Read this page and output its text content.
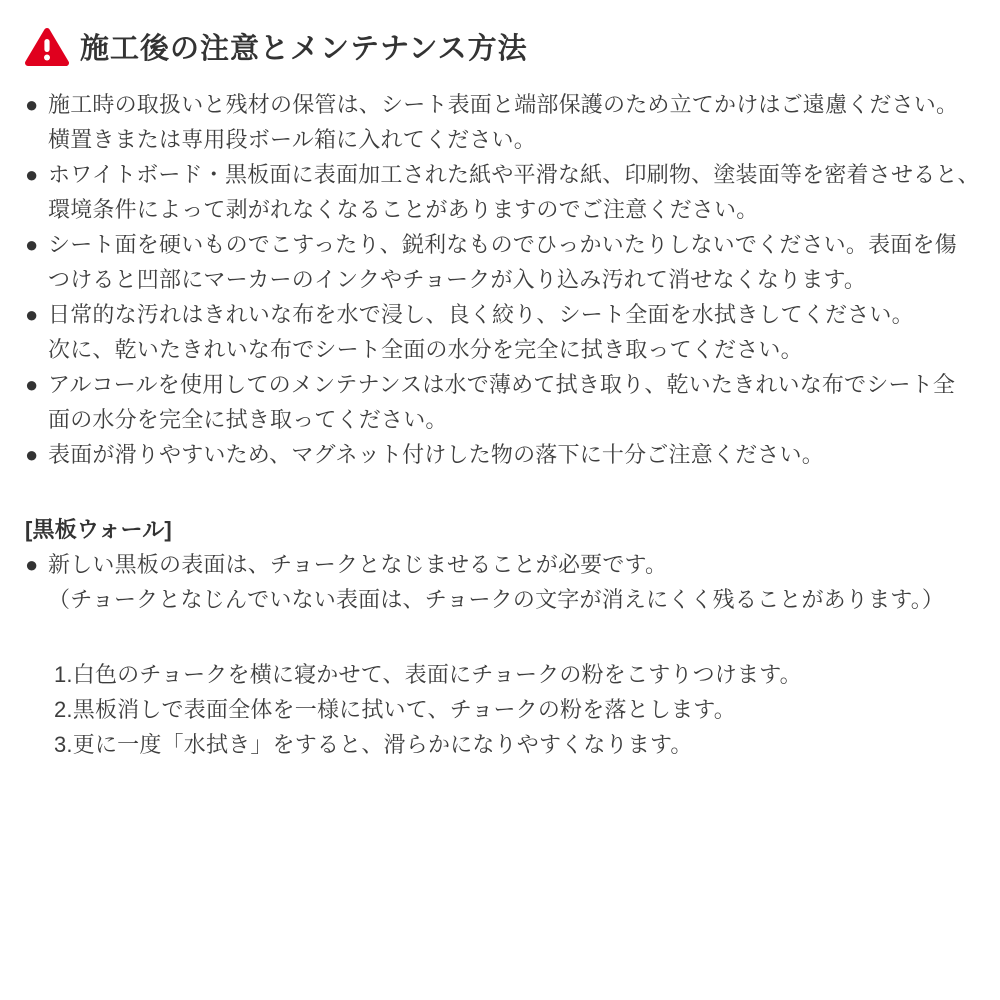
施工後の注意とメンテナンス方法
● 施工時の取扱いと残材の保管は、シート表面と端部保護のため立てかけはご遠慮ください。
横置きまたは専用段ボール箱に入れてください。
● ホワイトボード・黒板面に表面加工された紙や平滑な紙、印刷物、塗装面等を密着させると、
環境条件によって剥がれなくなることがありますのでご注意ください。
● シート面を硬いものでこすったり、鋭利なものでひっかいたりしないでください。表面を傷
つけると凹部にマーカーのインクやチョークが入り込み汚れて消せなくなります。
● 日常的な汚れはきれいな布を水で浸し、良く絞り、シート全面を水拭きしてください。
次に、乾いたきれいな布でシート全面の水分を完全に拭き取ってください。
● アルコールを使用してのメンテナンスは水で薄めて拭き取り、乾いたきれいな布でシート全
面の水分を完全に拭き取ってください。
● 表面が滑りやすいため、マグネット付けした物の落下に十分ご注意ください。
[黒板ウォール]
● 新しい黒板の表面は、チョークとなじませることが必要です。
（チョークとなじんでいない表面は、チョークの文字が消えにくく残ることがあります。）
1.白色のチョークを横に寝かせて、表面にチョークの粉をこすりつけます。
2.黒板消しで表面全体を一様に拭いて、チョークの粉を落とします。
3.更に一度「水拭き」をすると、滑らかになりやすくなります。
